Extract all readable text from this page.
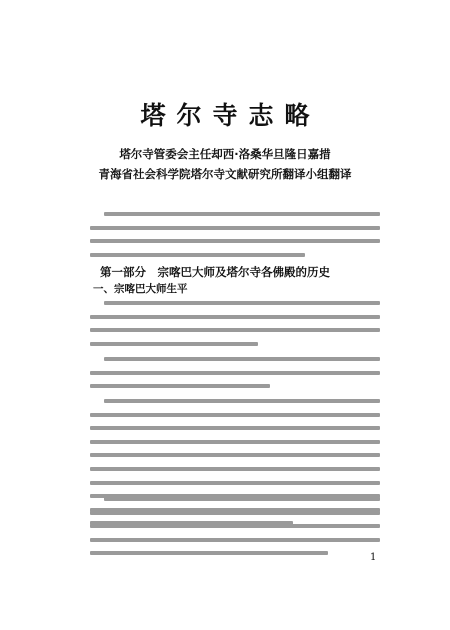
塔尔寺志略

塔尔寺管委会主任却西·洛桑华旦隆日嘉措

青海省社会科学院塔尔寺文献研究所翻译小组翻译

第一部分　宗喀巴大师及塔尔寺各佛殿的历史
一、宗喀巴大师生平

1
